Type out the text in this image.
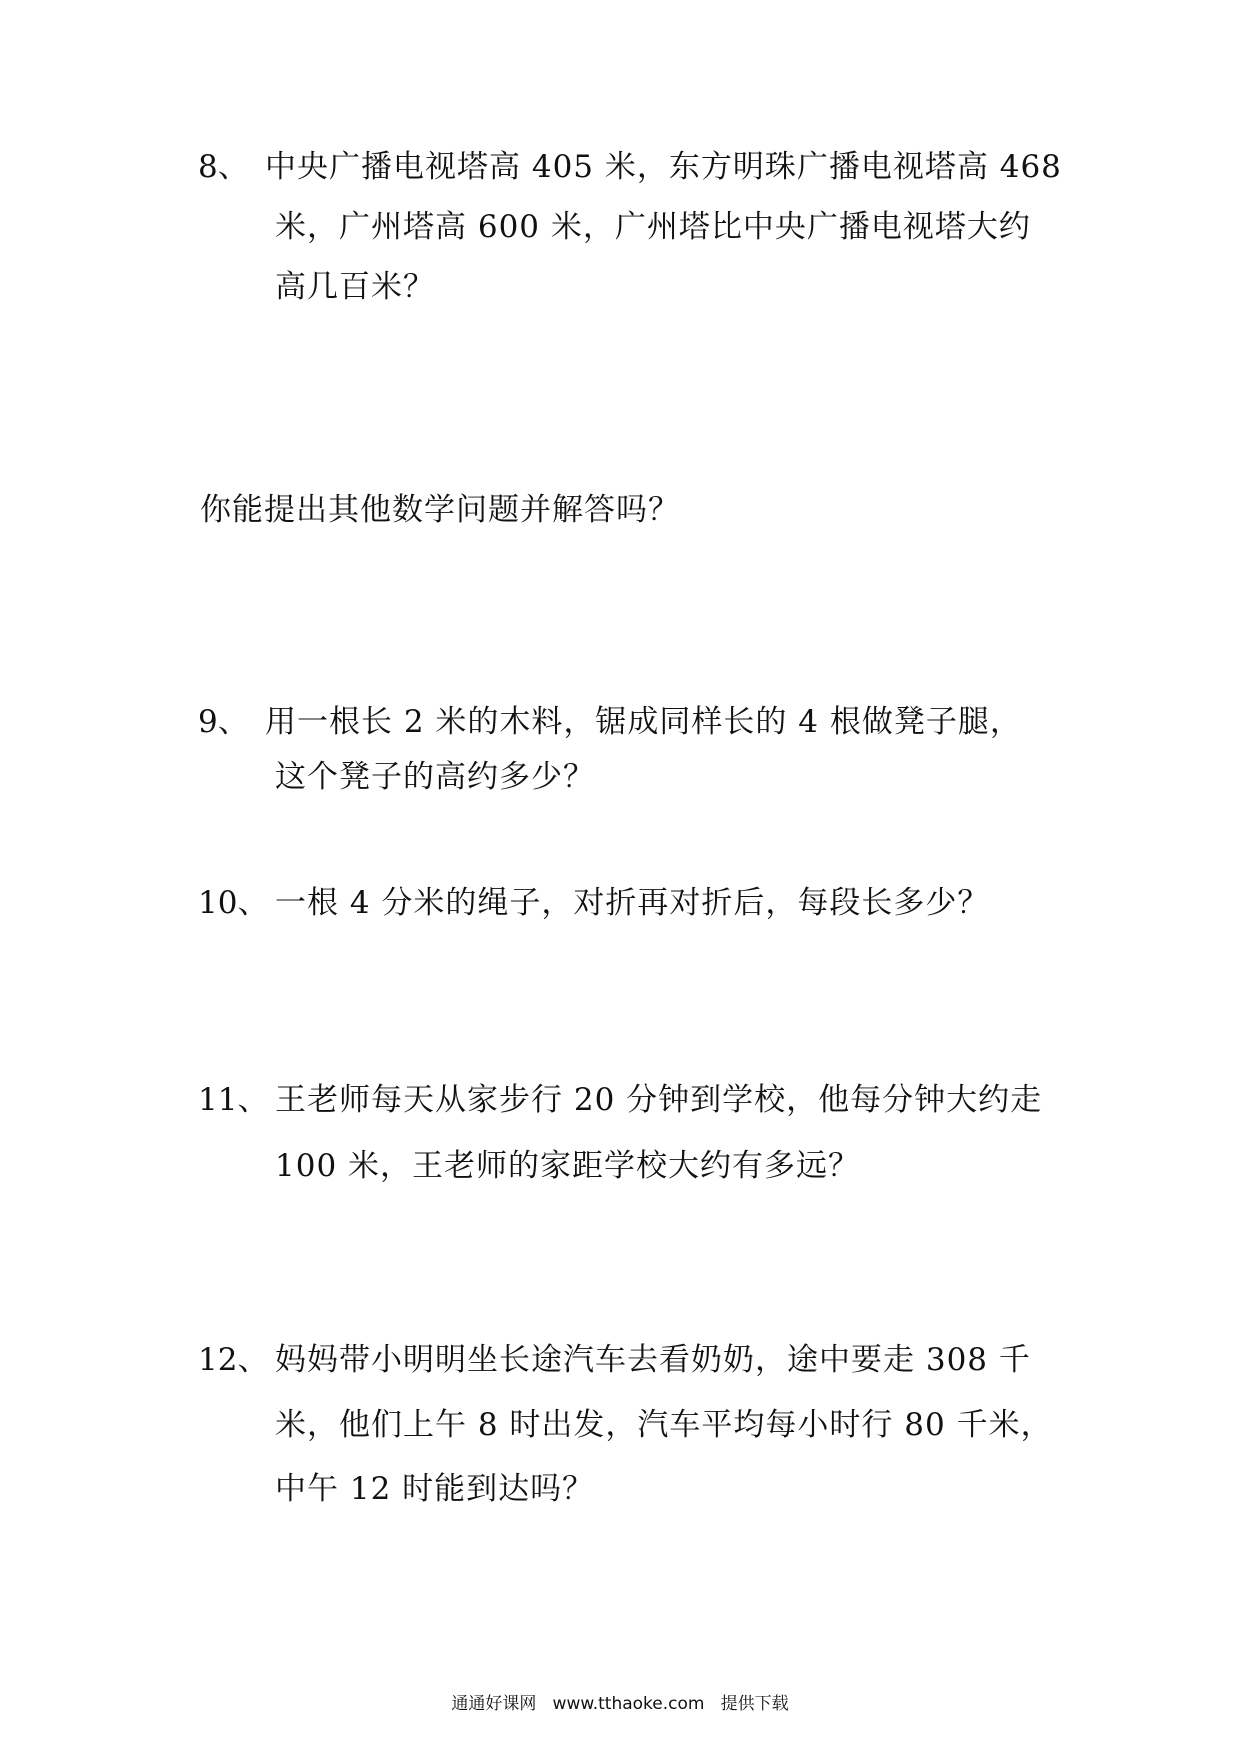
8、 中央广播电视塔高 405 米，东方明珠广播电视塔高 468
米，广州塔高 600 米，广州塔比中央广播电视塔大约
高几百米？
你能提出其他数学问题并解答吗？
9、 用一根长 2 米的木料，锯成同样长的 4 根做凳子腿，
这个凳子的高约多少？
10、 一根 4 分米的绳子，对折再对折后，每段长多少？
11、 王老师每天从家步行 20 分钟到学校，他每分钟大约走
100 米，王老师的家距学校大约有多远？
12、 妈妈带小明明坐长途汽车去看奶奶，途中要走 308 千
米，他们上午 8 时出发，汽车平均每小时行 80 千米，
中午 12 时能到达吗？
通通好课网   www.tthaoke.com   提供下载
